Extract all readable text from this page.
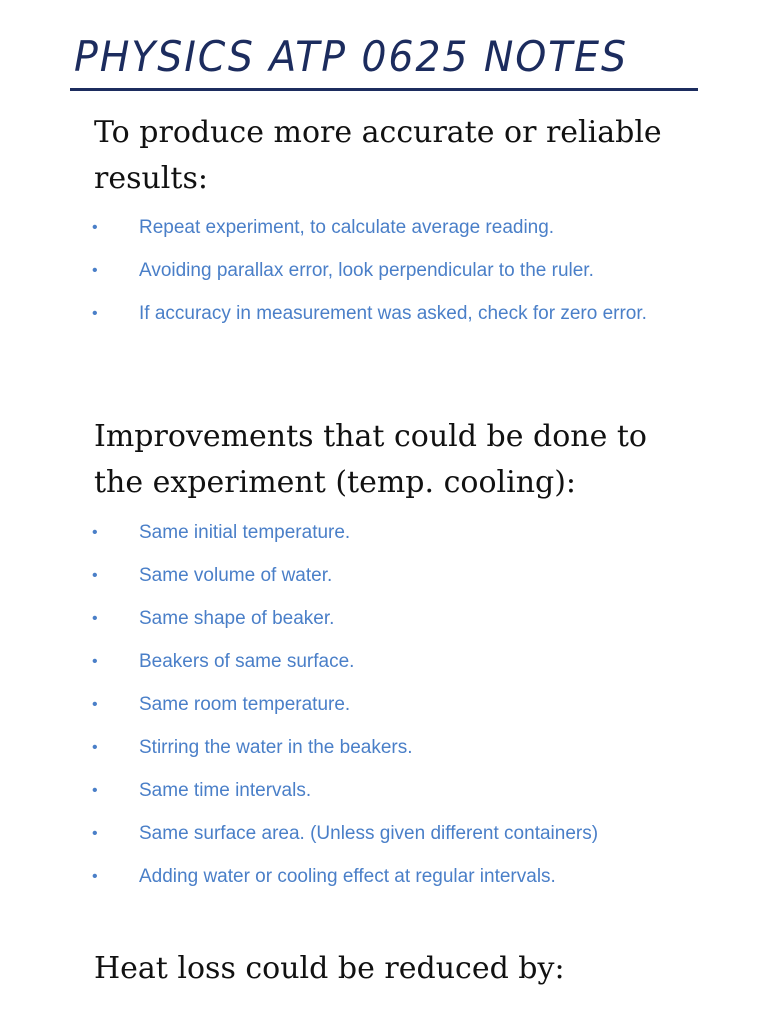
PHYSICS ATP 0625 NOTES
To produce more accurate or reliable results:
• Repeat experiment, to calculate average reading.
• Avoiding parallax error, look perpendicular to the ruler.
• If accuracy in measurement was asked, check for zero error.
Improvements that could be done to the experiment (temp. cooling):
• Same initial temperature.
• Same volume of water.
• Same shape of beaker.
• Beakers of same surface.
• Same room temperature.
• Stirring the water in the beakers.
• Same time intervals.
• Same surface area. (Unless given different containers)
• Adding water or cooling effect at regular intervals.
Heat loss could be reduced by:
